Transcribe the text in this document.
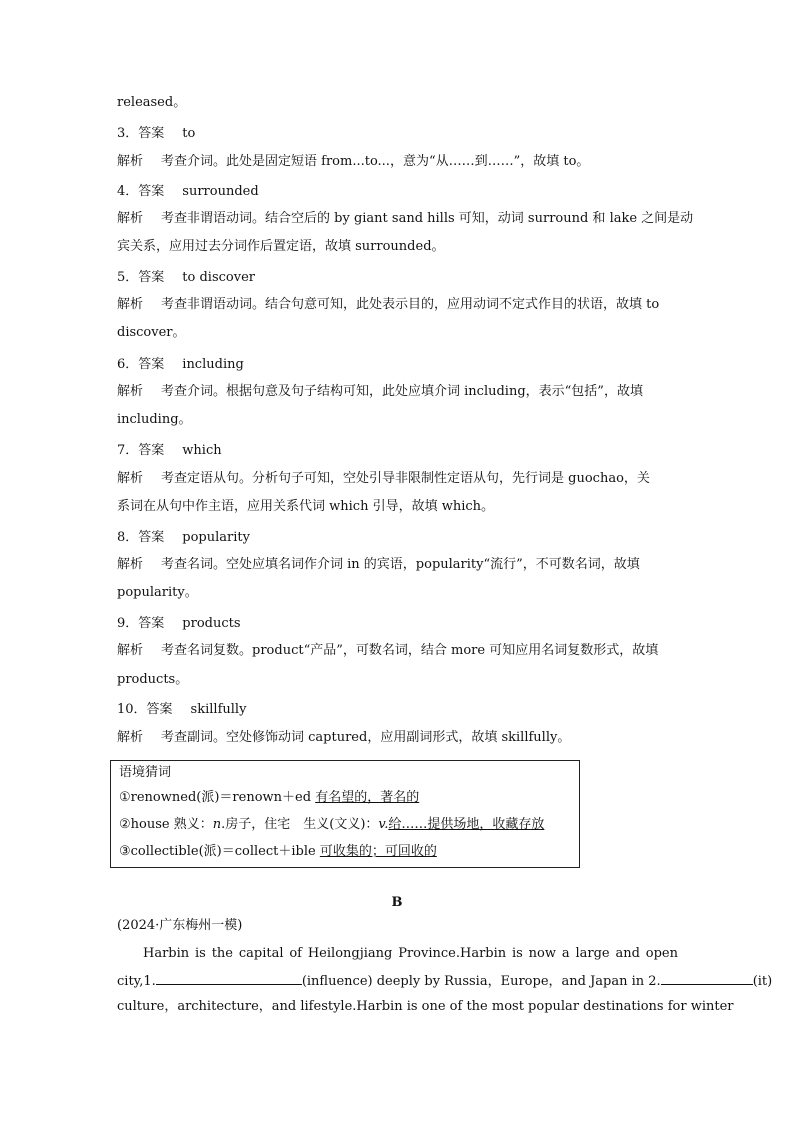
released。
3．答案 to
解析 考查介词。此处是固定短语 from...to...，意为“从……到……”，故填 to。
4．答案 surrounded
解析 考查非谓语动词。结合空后的 by giant sand hills 可知，动词 surround 和 lake 之间是动
宾关系，应用过去分词作后置定语，故填 surrounded。
5．答案 to discover
解析 考查非谓语动词。结合句意可知，此处表示目的，应用动词不定式作目的状语，故填 to
discover。
6．答案 including
解析 考查介词。根据句意及句子结构可知，此处应填介词 including，表示“包括”，故填
including。
7．答案 which
解析 考查定语从句。分析句子可知，空处引导非限制性定语从句，先行词是 guochao，关
系词在从句中作主语，应用关系代词 which 引导，故填 which。
8．答案 popularity
解析 考查名词。空处应填名词作介词 in 的宾语，popularity“流行”，不可数名词，故填
popularity。
9．答案 products
解析 考查名词复数。product“产品”，可数名词，结合 more 可知应用名词复数形式，故填
products。
10．答案 skillfully
解析 考查副词。空处修饰动词 captured，应用副词形式，故填 skillfully。
语境猜词
①renowned(派)＝renown＋ed 有名望的，著名的
②house 熟义：n.房子，住宅　生义(文义)：v.给……提供场地，收藏存放
③collectible(派)＝collect＋ible 可收集的；可回收的
B
(2024·广东梅州一模)
Harbin is the capital of Heilongjiang Province.Harbin is now a large and open
city,1.	(influence) deeply by Russia，Europe，and Japan in 2.	(it)
culture，architecture，and lifestyle.Harbin is one of the most popular destinations for winter
